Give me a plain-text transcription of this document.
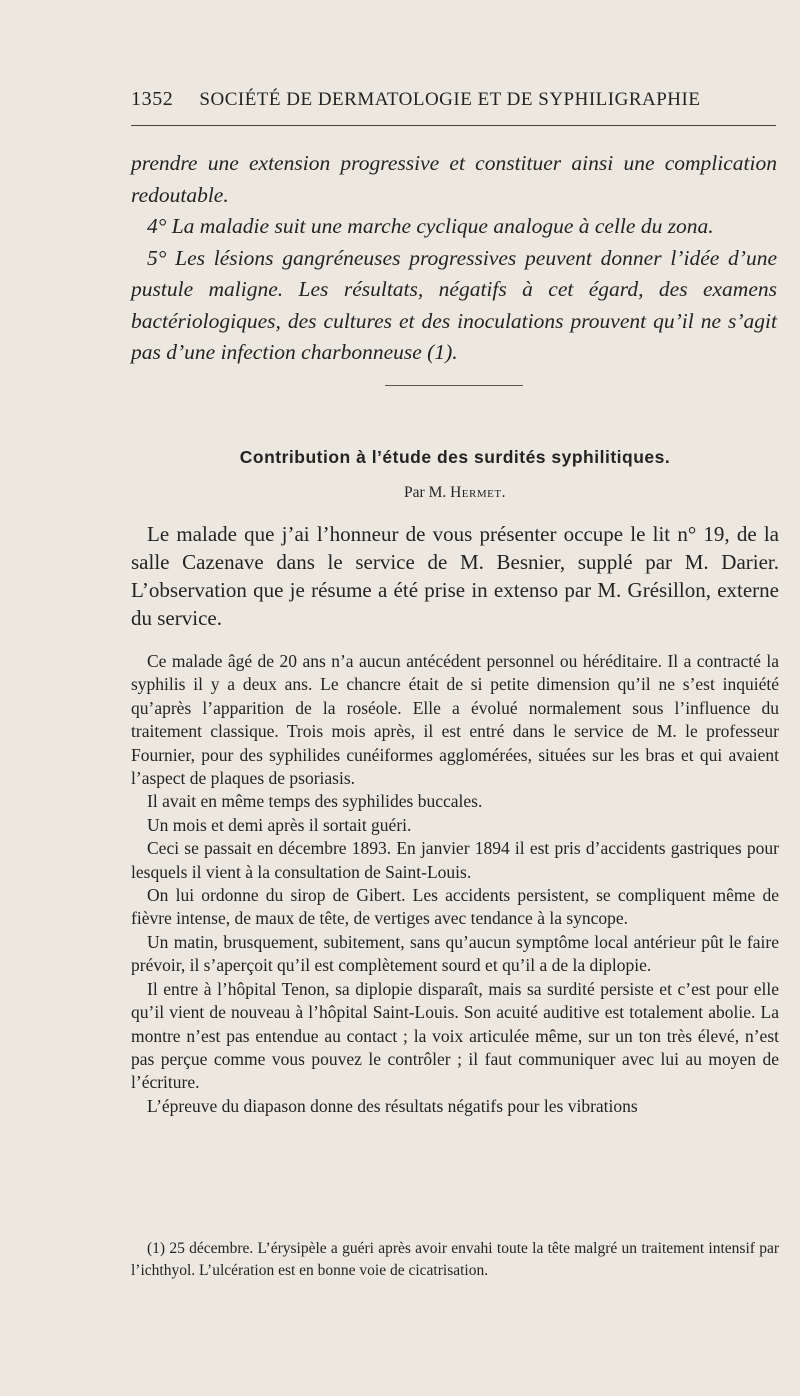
1352 SOCIÉTÉ DE DERMATOLOGIE ET DE SYPHILIGRAPHIE

prendre une extension progressive et constituer ainsi une complication redoutable.

4° La maladie suit une marche cyclique analogue à celle du zona.

5° Les lésions gangréneuses progressives peuvent donner l’idée d’une pustule maligne. Les résultats, négatifs à cet égard, des examens bactériologiques, des cultures et des inoculations prouvent qu’il ne s’agit pas d’une infection charbonneuse (1).

Contribution à l’étude des surdités syphilitiques.
Par M. Hermet.

Le malade que j’ai l’honneur de vous présenter occupe le lit n° 19, de la salle Cazenave dans le service de M. Besnier, supplé par M. Darier. L’observation que je résume a été prise in extenso par M. Grésillon, externe du service.

Ce malade âgé de 20 ans n’a aucun antécédent personnel ou héréditaire. Il a contracté la syphilis il y a deux ans. Le chancre était de si petite dimension qu’il ne s’est inquiété qu’après l’apparition de la roséole. Elle a évolué normalement sous l’influence du traitement classique. Trois mois après, il est entré dans le service de M. le professeur Fournier, pour des syphilides cunéiformes agglomérées, situées sur les bras et qui avaient l’aspect de plaques de psoriasis.

Il avait en même temps des syphilides buccales.

Un mois et demi après il sortait guéri.

Ceci se passait en décembre 1893. En janvier 1894 il est pris d’accidents gastriques pour lesquels il vient à la consultation de Saint-Louis.

On lui ordonne du sirop de Gibert. Les accidents persistent, se compliquent même de fièvre intense, de maux de tête, de vertiges avec tendance à la syncope.

Un matin, brusquement, subitement, sans qu’aucun symptôme local antérieur pût le faire prévoir, il s’aperçoit qu’il est complètement sourd et qu’il a de la diplopie.

Il entre à l’hôpital Tenon, sa diplopie disparaît, mais sa surdité persiste et c’est pour elle qu’il vient de nouveau à l’hôpital Saint-Louis. Son acuité auditive est totalement abolie. La montre n’est pas entendue au contact ; la voix articulée même, sur un ton très élevé, n’est pas perçue comme vous pouvez le contrôler ; il faut communiquer avec lui au moyen de l’écriture.

L’épreuve du diapason donne des résultats négatifs pour les vibrations

(1) 25 décembre. L’érysipèle a guéri après avoir envahi toute la tête malgré un traitement intensif par l’ichthyol. L’ulcération est en bonne voie de cicatrisation.
